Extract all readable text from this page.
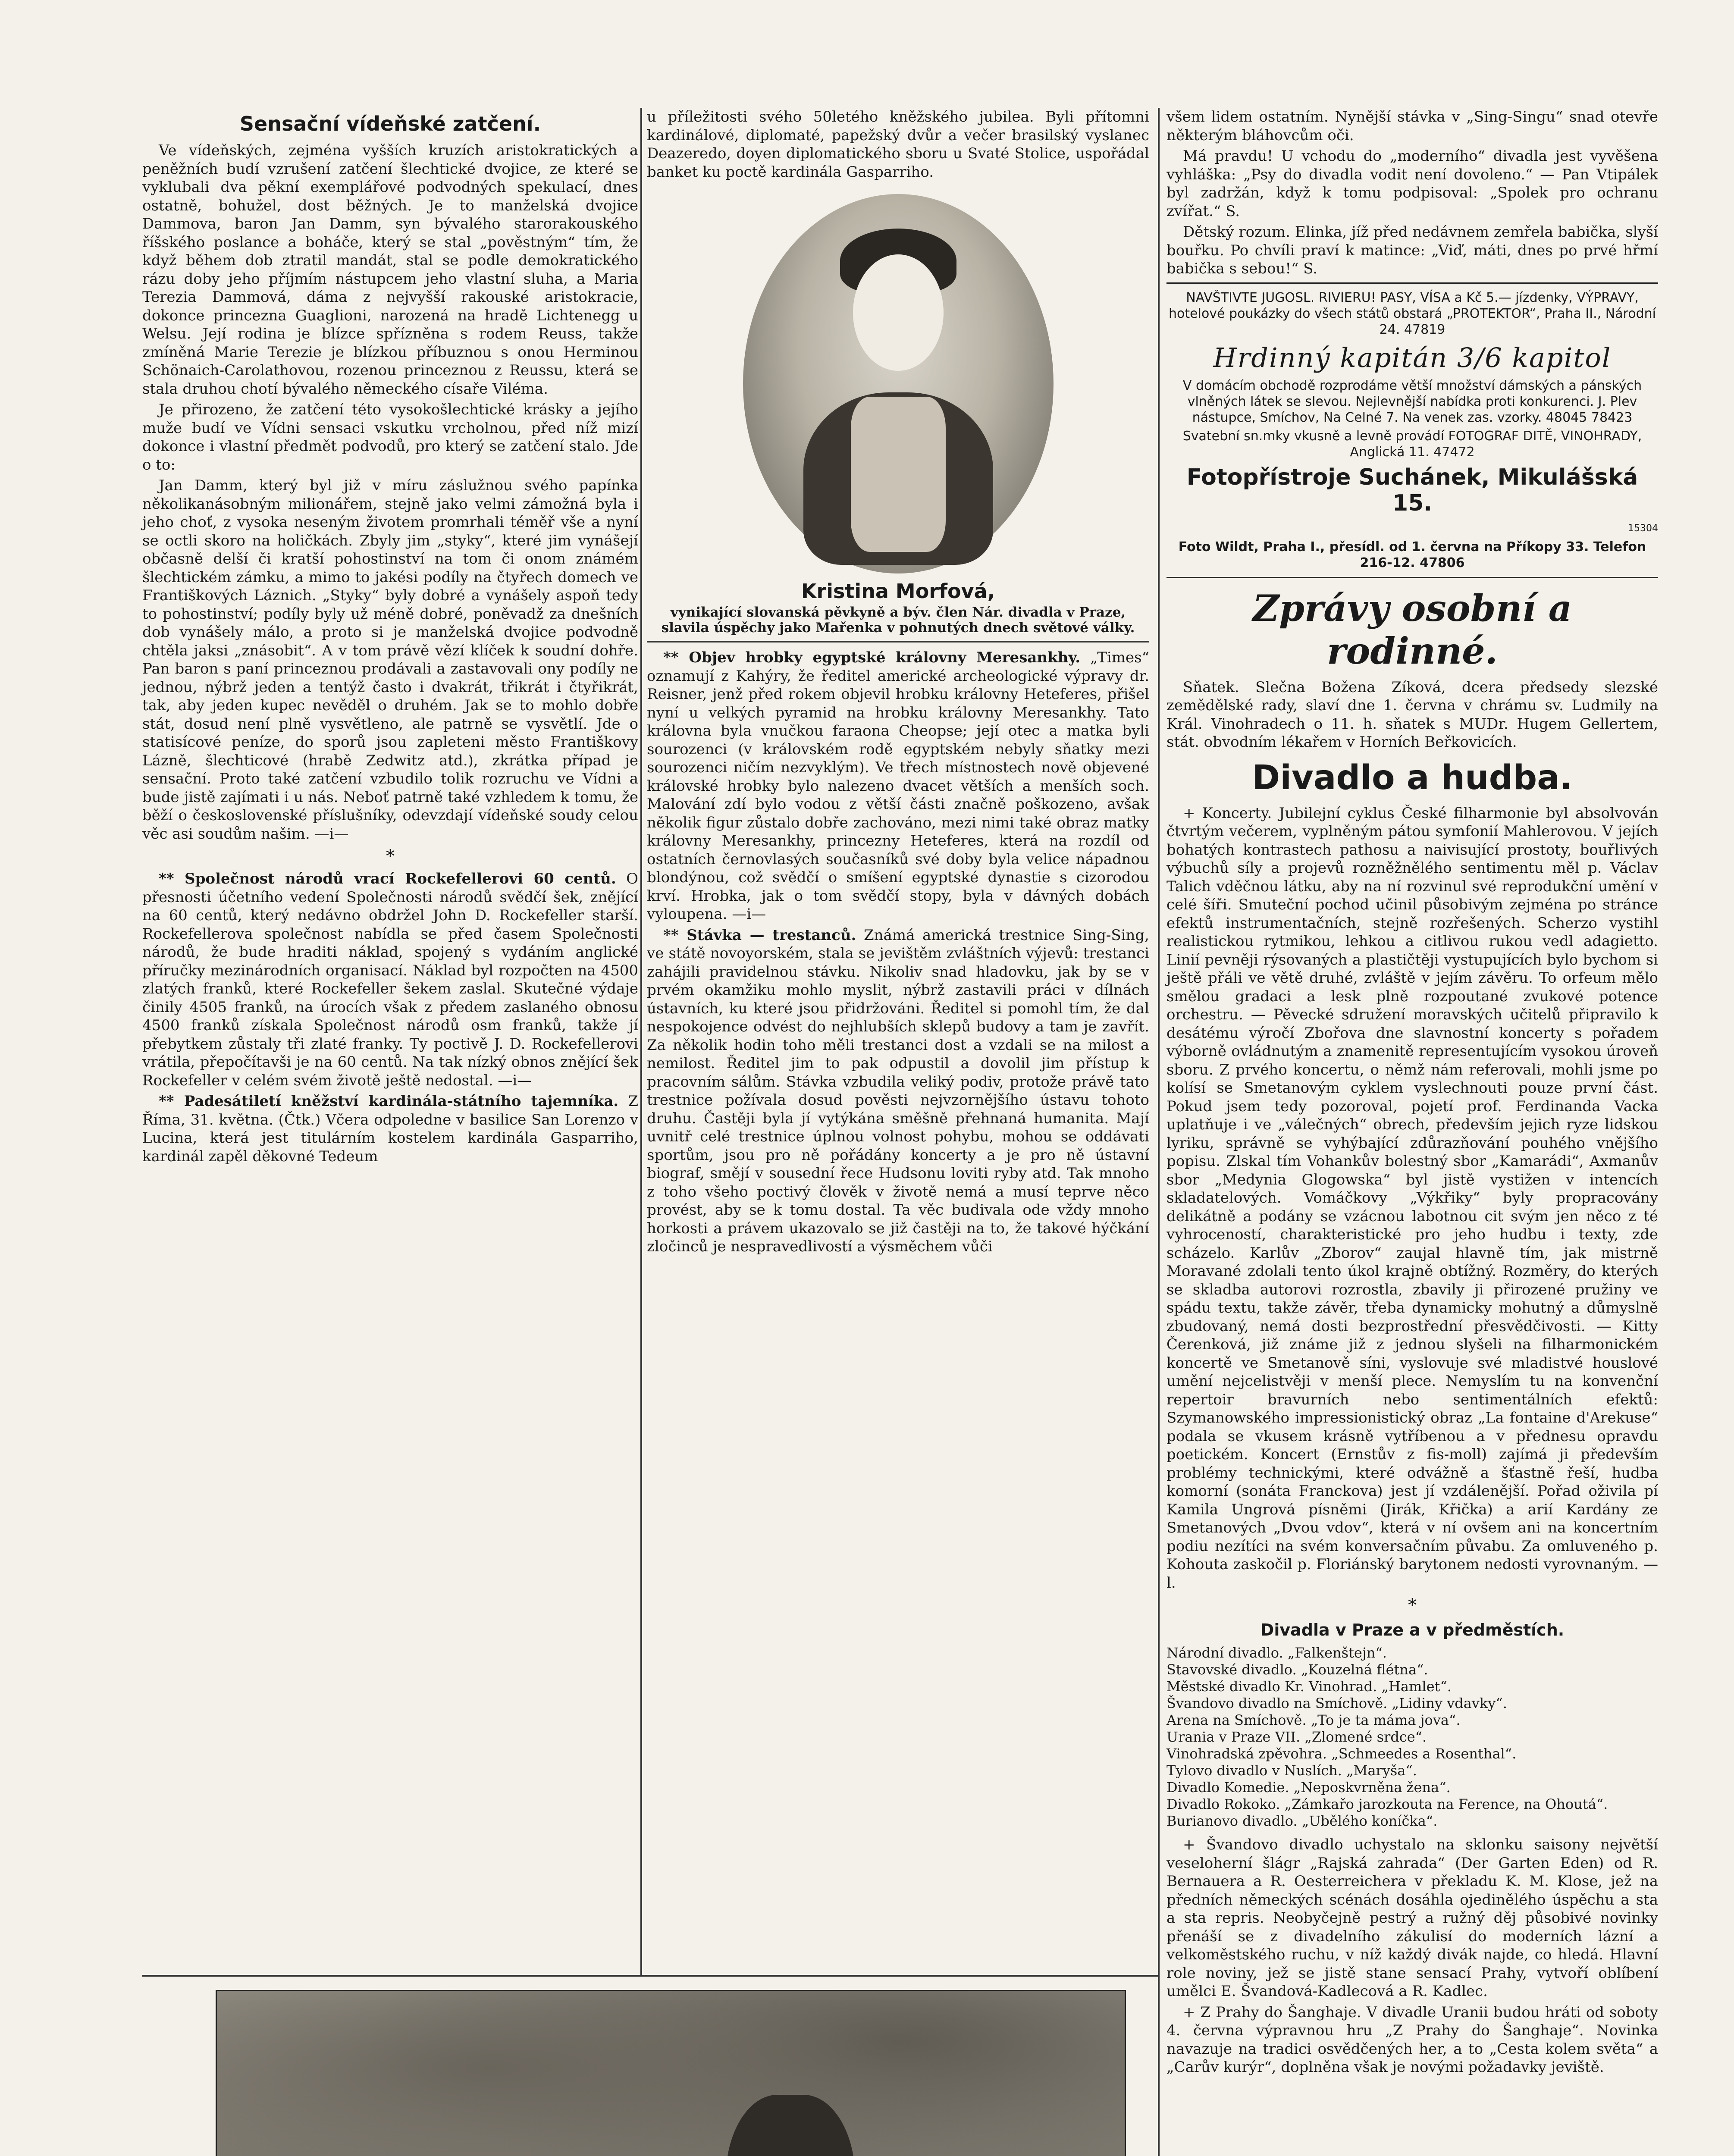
Sensační vídeňské zatčení.

Ve vídeňských, zejména vyšších kruzích aristokratických a peněžních budí vzrušení zatčení šlechtické dvojice, ze které se vyklubali dva pěkní exemplářové podvodných spekulací, dnes ostatně, bohužel, dost běžných. Je to manželská dvojice Dammova, baron Jan Damm, syn bývalého starorakouského říšského poslance a boháče, který se stal „pověstným“ tím, že když během dob ztratil mandát, stal se podle demokratického rázu doby jeho příjmím nástupcem jeho vlastní sluha, a Maria Terezia Dammová, dáma z nejvyšší rakouské aristokracie, dokonce princezna Guaglioni, narozená na hradě Lichtenegg u Welsu. Její rodina je blízce spřízněna s rodem Reuss, takže zmíněná Marie Terezie je blízkou příbuznou s onou Herminou Schönaich-Carolathovou, rozenou princeznou z Reussu, která se stala druhou chotí bývalého německého císaře Viléma.

Je přirozeno, že zatčení této vysokošlechtické krásky a jejího muže budí ve Vídni sensaci vskutku vrcholnou, před níž mizí dokonce i vlastní předmět podvodů, pro který se zatčení stalo. Jde o to:

Jan Damm, který byl již v míru záslužnou svého papínka několikanásobným milionářem, stejně jako velmi zámožná byla i jeho choť, z vysoka neseným životem promrhali téměř vše a nyní se octli skoro na holičkách. Zbyly jim „styky“, které jim vynášejí občasně delší či kratší pohostinství na tom či onom známém šlechtickém zámku, a mimo to jakési podíly na čtyřech domech ve Františkových Láznich. „Styky“ byly dobré a vynášely aspoň tedy to pohostinství; podíly byly už méně dobré, poněvadž za dnešních dob vynášely málo, a proto si je manželská dvojice podvodně chtěla jaksi „znásobit“. A v tom právě vězí klíček k soudní dohře. Pan baron s paní princeznou prodávali a zastavovali ony podíly ne jednou, nýbrž jeden a tentýž často i dvakrát, třikrát i čtyřikrát, tak, aby jeden kupec nevěděl o druhém. Jak se to mohlo dobře stát, dosud není plně vysvětleno, ale patrně se vysvětlí. Jde o statisícové peníze, do sporů jsou zapleteni město Františkovy Lázně, šlechticové (hrabě Zedwitz atd.), zkrátka případ je sensační. Proto také zatčení vzbudilo tolik rozruchu ve Vídni a bude jistě zajímati i u nás. Neboť patrně také vzhledem k tomu, že běží o československé příslušníky, odevzdají vídeňské soudy celou věc asi soudům našim. —i—

*

** Společnost národů vrací Rockefellerovi 60 centů. O přesnosti účetního vedení Společnosti národů svědčí šek, znějící na 60 centů, který nedávno obdržel John D. Rockefeller starší. Rockefellerova společnost nabídla se před časem Společnosti národů, že bude hraditi náklad, spojený s vydáním anglické příručky mezinárodních organisací. Náklad byl rozpočten na 4500 zlatých franků, které Rockefeller šekem zaslal. Skutečné výdaje činily 4505 franků, na úrocích však z předem zaslaného obnosu 4500 franků získala Společnost národů osm franků, takže jí přebytkem zůstaly tři zlaté franky. Ty poctivě J. D. Rockefellerovi vrátila, přepočítavši je na 60 centů. Na tak nízký obnos znějící šek Rockefeller v celém svém životě ještě nedostal. —i—

** Padesátiletí kněžství kardinála-státního tajemníka. Z Říma, 31. května. (Čtk.) Včera odpoledne v basilice San Lorenzo v Lucina, která jest titulárním kostelem kardinála Gasparriho, kardinál zapěl děkovné Tedeum

u příležitosti svého 50letého kněžského jubilea. Byli přítomni kardinálové, diplomaté, papežský dvůr a večer brasilský vyslanec Deazeredo, doyen diplomatického sboru u Svaté Stolice, uspořádal banket ku poctě kardinála Gasparriho.

Kristina Morfová,
vynikající slovanská pěvkyně a býv. člen Nár. divadla v Praze, slavila úspěchy jako Mařenka v pohnutých dnech světové války.

** Objev hrobky egyptské královny Meresankhy. „Times“ oznamují z Kahýry, že ředitel americké archeologické výpravy dr. Reisner, jenž před rokem objevil hrobku královny Heteferes, přišel nyní u velkých pyramid na hrobku královny Meresankhy. Tato královna byla vnučkou faraona Cheopse; její otec a matka byli sourozenci (v královském rodě egyptském nebyly sňatky mezi sourozenci ničím nezvyklým). Ve třech místnostech nově objevené královské hrobky bylo nalezeno dvacet větších a menších soch. Malování zdí bylo vodou z větší části značně poškozeno, avšak několik figur zůstalo dobře zachováno, mezi nimi také obraz matky královny Meresankhy, princezny Heteferes, která na rozdíl od ostatních černovlasých současníků své doby byla velice nápadnou blondýnou, což svědčí o smíšení egyptské dynastie s cizorodou krví. Hrobka, jak o tom svědčí stopy, byla v dávných dobách vyloupena. —i—

** Stávka — trestanců. Známá americká trestnice Sing-Sing, ve státě novoyorském, stala se jevištěm zvláštních výjevů: trestanci zahájili pravidelnou stávku. Nikoliv snad hladovku, jak by se v prvém okamžiku mohlo myslit, nýbrž zastavili práci v dílnách ústavních, ku které jsou přidržováni. Ředitel si pomohl tím, že dal nespokojence odvést do nejhlubších sklepů budovy a tam je zavřít. Za několik hodin toho měli trestanci dost a vzdali se na milost a nemilost. Ředitel jim to pak odpustil a dovolil jim přístup k pracovním sálům. Stávka vzbudila veliký podiv, protože právě tato trestnice požívala dosud pověsti nejvzornějšího ústavu tohoto druhu. Častěji byla jí vytýkána směšně přehnaná humanita. Mají uvnitř celé trestnice úplnou volnost pohybu, mohou se oddávati sportům, jsou pro ně pořádány koncerty a je pro ně ústavní biograf, smějí v sousední řece Hudsonu loviti ryby atd. Tak mnoho z toho všeho poctivý člověk v životě nemá a musí teprve něco provést, aby se k tomu dostal. Ta věc budivala ode vždy mnoho horkosti a právem ukazovalo se již častěji na to, že takové hýčkání zločinců je nespravedlivostí a výsměchem vůči

všem lidem ostatním. Nynější stávka v „Sing-Singu“ snad otevře některým bláhovcům oči.

Má pravdu! U vchodu do „moderního“ divadla jest vyvěšena vyhláška: „Psy do divadla vodit není dovoleno.“ — Pan Vtipálek byl zadržán, když k tomu podpisoval: „Spolek pro ochranu zvířat.“ S.

Dětský rozum. Elinka, jíž před nedávnem zemřela babička, slyší bouřku. Po chvíli praví k matince: „Viď, máti, dnes po prvé hřmí babička s sebou!“ S.

NAVŠTIVTE JUGOSL. RIVIERU! PASY, VÍSA a Kč 5.— jízdenky, VÝPRAVY, hotelové poukázky do všech států obstará „PROTEKTOR“, Praha II., Národní 24. 47819
Hrdinný kapitán 3/6 kapitol
V domácím obchodě rozprodáme větší množství dámských a pánských vlněných látek se slevou. Nejlevnější nabídka proti konkurenci. J. Plev nástupce, Smíchov, Na Celné 7. Na venek zas. vzorky. 48045 78423
Svatební sn.mky vkusně a levně provádí FOTOGRAF DITĚ, VINOHRADY, Anglická 11. 47472
Fotopřístroje Suchánek, Mikulášská 15.
15304
Foto Wildt, Praha I., přesídl. od 1. června na Příkopy 33. Telefon 216-12. 47806
Zprávy osobní a rodinné.

Sňatek. Slečna Božena Zíková, dcera předsedy slezské zemědělské rady, slaví dne 1. června v chrámu sv. Ludmily na Král. Vinohradech o 11. h. sňatek s MUDr. Hugem Gellertem, stát. obvodním lékařem v Horních Beřkovicích.

Divadlo a hudba.

+ Koncerty. Jubilejní cyklus České filharmonie byl absolvován čtvrtým večerem, vyplněným pátou symfonií Mahlerovou. V jejích bohatých kontrastech pathosu a naivisující prostoty, bouřlivých výbuchů síly a projevů rozněžnělého sentimentu měl p. Václav Talich vděčnou látku, aby na ní rozvinul své reprodukční umění v celé šíři. Smuteční pochod učinil působivým zejména po stránce efektů instrumentačních, stejně rozřešených. Scherzo vystihl realistickou rytmikou, lehkou a citlivou rukou vedl adagietto. Linií pevněji rýsovaných a plastičtěji vystupujících bylo bychom si ještě přáli ve větě druhé, zvláště v jejím závěru. To orfeum mělo smělou gradaci a lesk plně rozpoutané zvukové potence orchestru. — Pěvecké sdružení moravských učitelů připravilo k desátému výročí Zbořova dne slavnostní koncerty s pořadem výborně ovládnutým a znamenitě representujícím vysokou úroveň sboru. Z prvého koncertu, o němž nám referovali, mohli jsme po kolísí se Smetanovým cyklem vyslechnouti pouze první část. Pokud jsem tedy pozoroval, pojetí prof. Ferdinanda Vacka uplatňuje i ve „válečných“ obrech, především jejich ryze lidskou lyriku, správně se vyhýbající zdůrazňování pouhého vnějšího popisu. Zlskal tím Vohankův bolestný sbor „Kamarádi“, Axmanův sbor „Medynia Glogowska“ byl jistě vystižen v intencích skladatelových. Vomáčkovy „Výkřiky“ byly propracovány delikátně a podány se vzácnou labotnou cit svým jen něco z té vyhroceností, charakteristické pro jeho hudbu i texty, zde scházelo. Karlův „Zborov“ zaujal hlavně tím, jak mistrně Moravané zdolali tento úkol krajně obtížný. Rozměry, do kterých se skladba autorovi rozrostla, zbavily ji přirozené pružiny ve spádu textu, takže závěr, třeba dynamicky mohutný a důmyslně zbudovaný, nemá dosti bezprostřední přesvědčivosti. — Kitty Čerenková, již známe již z jednou slyšeli na filharmonickém koncertě ve Smetanově síni, vyslovuje své mladistvé houslové umění nejcelistvěji v menší plece. Nemyslím tu na konvenční repertoir bravurních nebo sentimentálních efektů: Szymanowského impressionistický obraz „La fontaine d'Arekuse“ podala se vkusem krásně vytříbenou a v přednesu opravdu poetickém. Koncert (Ernstův z fis-moll) zajímá ji především problémy technickými, které odvážně a šťastně řeší, hudba komorní (sonáta Franckova) jest jí vzdálenější. Pořad oživila pí Kamila Ungrová písněmi (Jirák, Křička) a arií Kardány ze Smetanových „Dvou vdov“, která v ní ovšem ani na koncertním podiu nezítíci na svém konversačním půvabu. Za omluveného p. Kohouta zaskočil p. Floriánský barytonem nedosti vyrovnaným. —l.

*
Divadla v Praze a v předměstích.

Národní divadlo. „Falkenštejn“.

Stavovské divadlo. „Kouzelná flétna“.

Městské divadlo Kr. Vinohrad. „Hamlet“.

Švandovo divadlo na Smíchově. „Lidiny vdavky“.

Arena na Smíchově. „To je ta máma jova“.

Urania v Praze VII. „Zlomené srdce“.

Vinohradská zpěvohra. „Schmeedes a Rosenthal“.

Tylovo divadlo v Nuslích. „Maryša“.

Divadlo Komedie. „Neposkvrněna žena“.

Divadlo Rokoko. „Zámkařo jarozkouta na Ference, na Ohoutá“.

Burianovo divadlo. „Ubělého koníčka“.

+ Švandovo divadlo uchystalo na sklonku saisony největší veseloherní šlágr „Rajská zahrada“ (Der Garten Eden) od R. Bernauera a R. Oesterreichera v překladu K. M. Klose, jež na předních německých scénách dosáhla ojedinělého úspěchu a sta a sta repris. Neobyčejně pestrý a ružný děj působivé novinky přenáší se z divadelního zákulisí do moderních lázní a velkoměstského ruchu, v níž každý divák najde, co hledá. Hlavní role noviny, jež se jistě stane sensací Prahy, vytvoří oblíbení umělci E. Švandová-Kadlecová a R. Kadlec.

+ Z Prahy do Šanghaje. V divadle Uranii budou hráti od soboty 4. června výpravnou hru „Z Prahy do Šanghaje“. Novinka navazuje na tradici osvědčených her, a to „Cesta kolem světa“ a „Carův kurýr“, doplněna však je novými požadavky jeviště.
